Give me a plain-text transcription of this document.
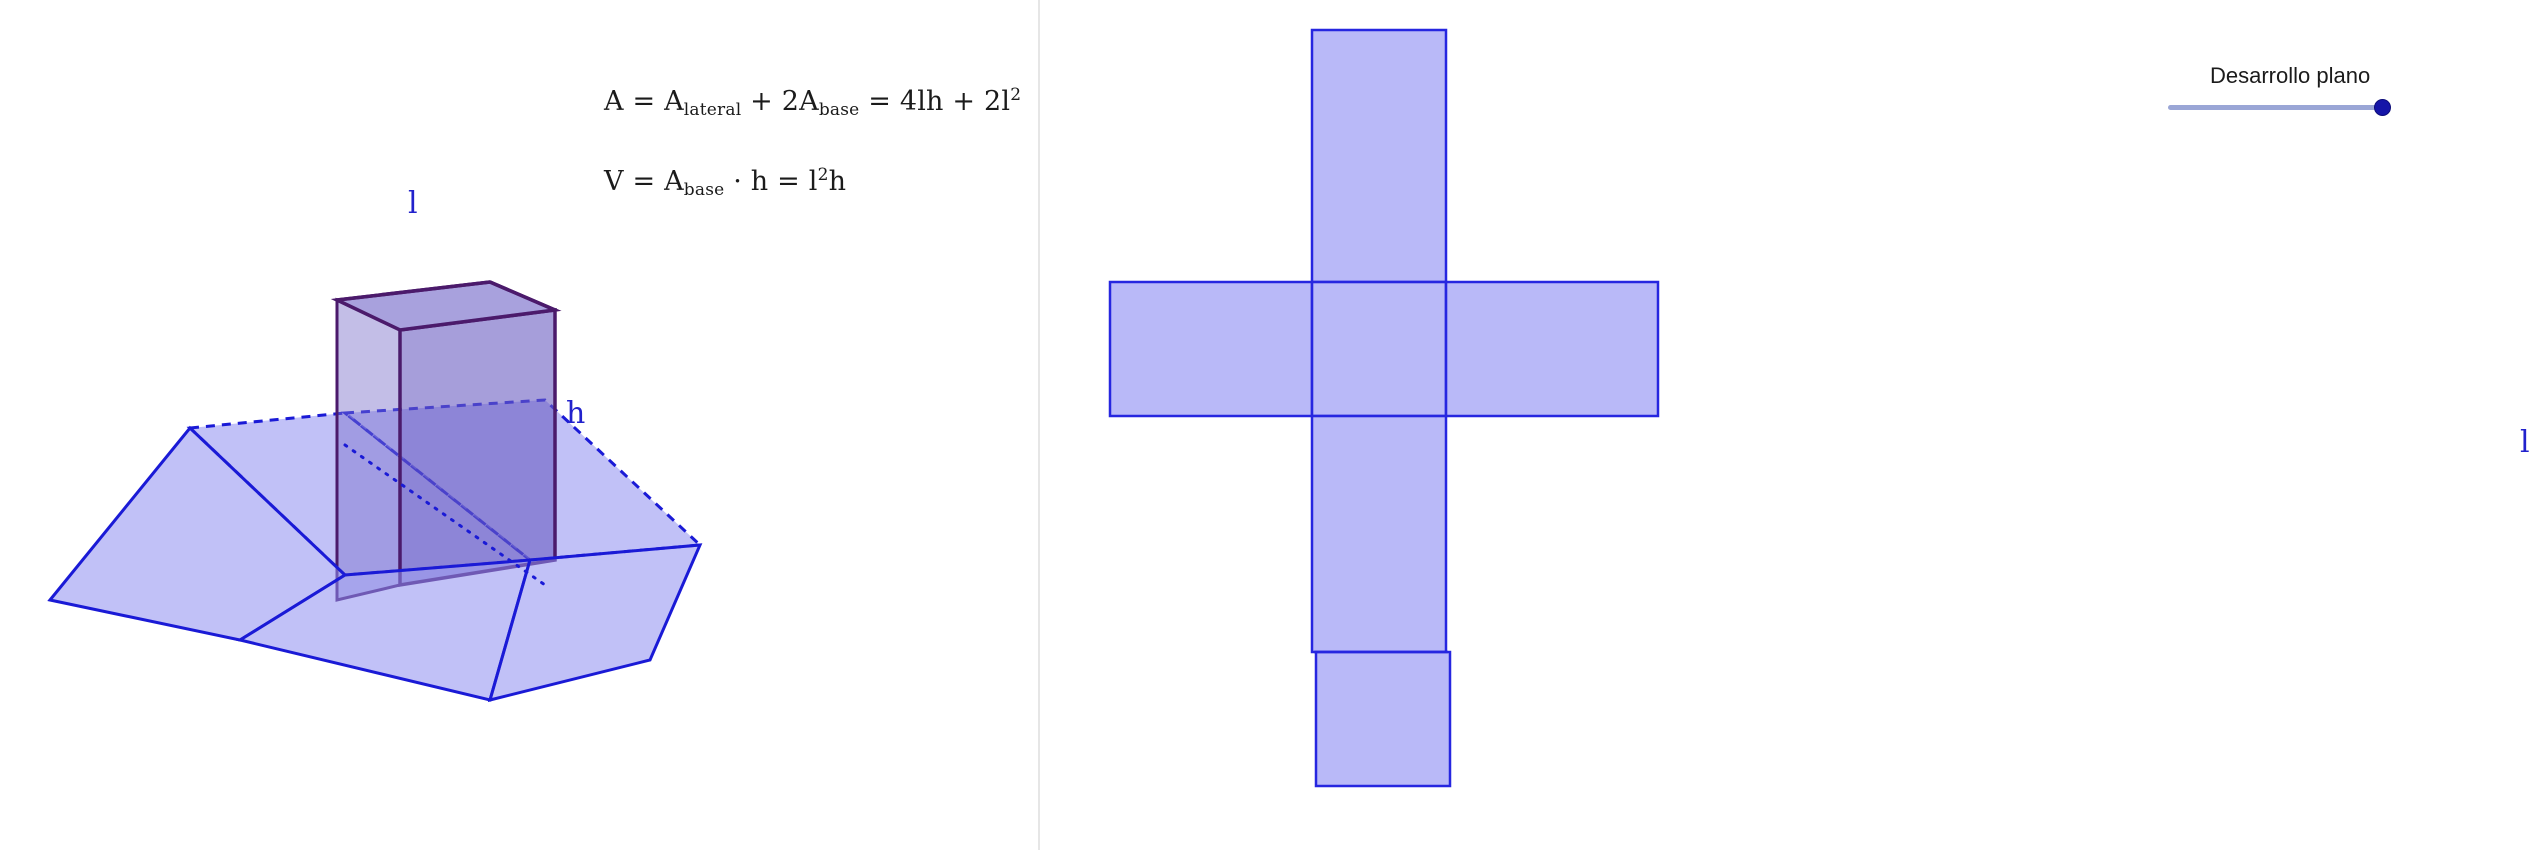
$A = A_{lateral} + 2A_{base} = 4lh + 2l^2$
$V = A_{base} \cdot h = l^2h$
l
h
l
Desarrollo plano
